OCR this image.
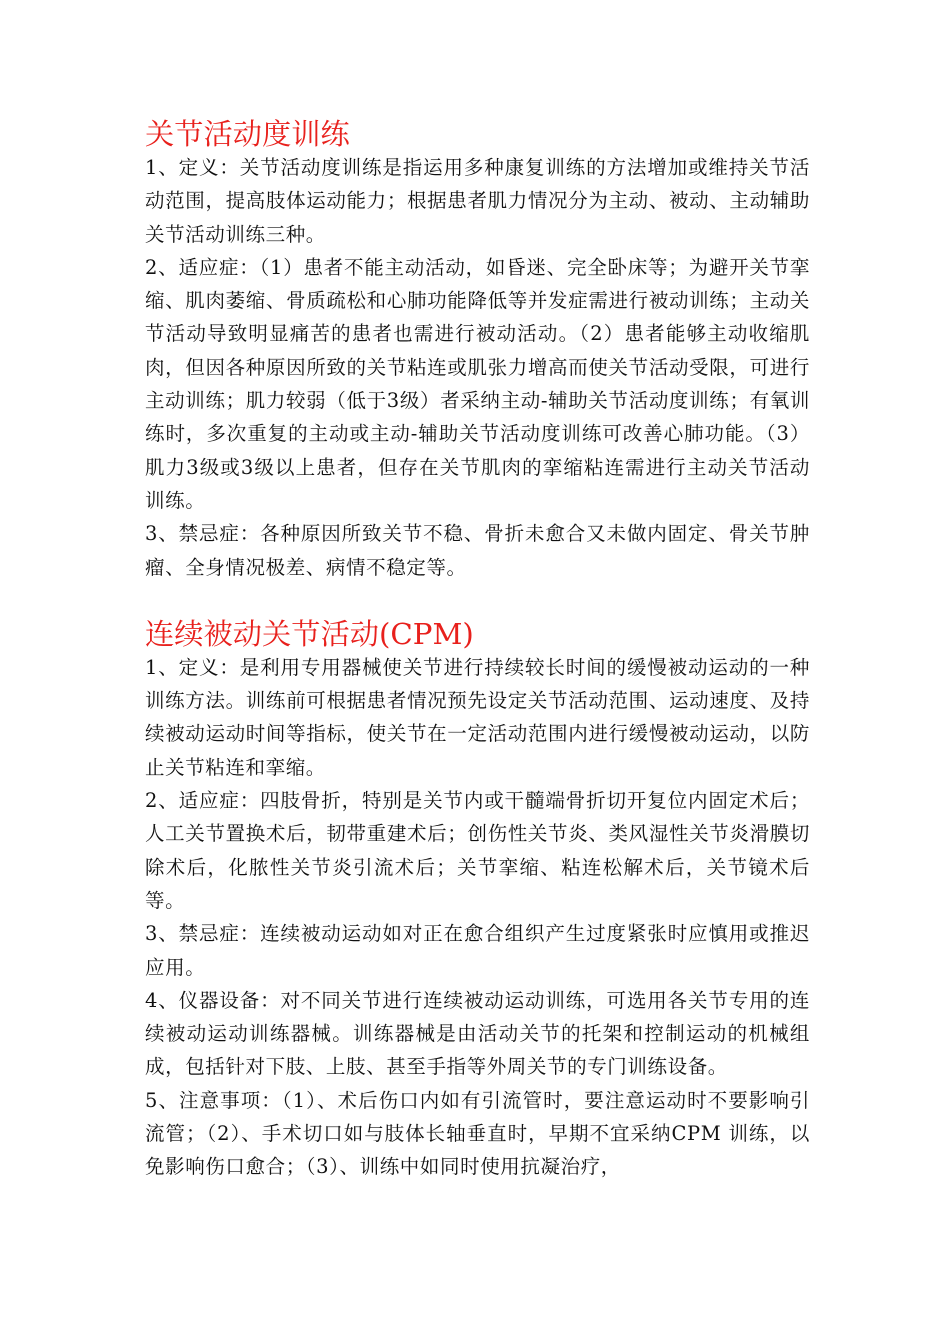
关节活动度训练

1、定义：关节活动度训练是指运用多种康复训练的方法增加或维持关节活动范围，提高肢体运动能力；根据患者肌力情况分为主动、被动、主动辅助关节活动训练三种。

2、适应症：（1）患者不能主动活动，如昏迷、完全卧床等；为避开关节挛缩、肌肉萎缩、骨质疏松和心肺功能降低等并发症需进行被动训练；主动关节活动导致明显痛苦的患者也需进行被动活动。（2）患者能够主动收缩肌肉，但因各种原因所致的关节粘连或肌张力增高而使关节活动受限，可进行主动训练；肌力较弱（低于3级）者采纳主动-辅助关节活动度训练；有氧训练时，多次重复的主动或主动-辅助关节活动度训练可改善心肺功能。（3）肌力3级或3级以上患者，但存在关节肌肉的挛缩粘连需进行主动关节活动训练。

3、禁忌症：各种原因所致关节不稳、骨折未愈合又未做内固定、骨关节肿瘤、全身情况极差、病情不稳定等。

连续被动关节活动(CPM)

1、定义：是利用专用器械使关节进行持续较长时间的缓慢被动运动的一种训练方法。训练前可根据患者情况预先设定关节活动范围、运动速度、及持续被动运动时间等指标，使关节在一定活动范围内进行缓慢被动运动，以防止关节粘连和挛缩。

2、适应症：四肢骨折，特别是关节内或干髓端骨折切开复位内固定术后；人工关节置换术后，韧带重建术后；创伤性关节炎、类风湿性关节炎滑膜切除术后，化脓性关节炎引流术后；关节挛缩、粘连松解术后，关节镜术后等。

3、禁忌症：连续被动运动如对正在愈合组织产生过度紧张时应慎用或推迟应用。

4、仪器设备：对不同关节进行连续被动运动训练，可选用各关节专用的连续被动运动训练器械。训练器械是由活动关节的托架和控制运动的机械组成，包括针对下肢、上肢、甚至手指等外周关节的专门训练设备。

5、注意事项：（1）、术后伤口内如有引流管时，要注意运动时不要影响引流管；（2）、手术切口如与肢体长轴垂直时，早期不宜采纳CPM 训练，以免影响伤口愈合；（3）、训练中如同时使用抗凝治疗，
